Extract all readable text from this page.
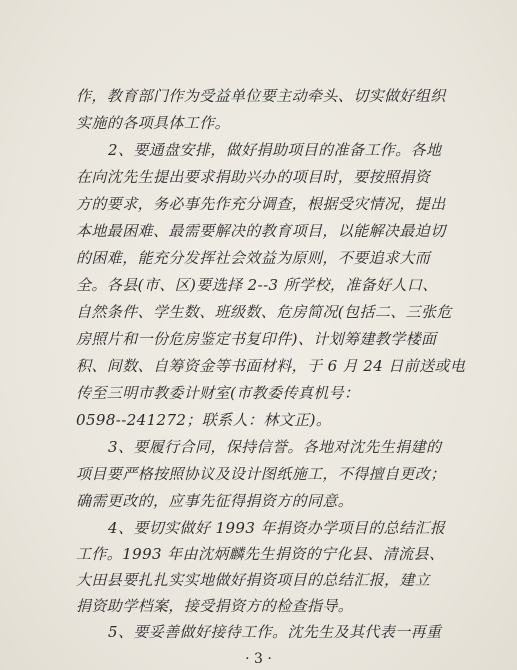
作，教育部门作为受益单位要主动牵头、切实做好组织
实施的各项具体工作。
2、要通盘安排，做好捐助项目的准备工作。各地
在向沈先生提出要求捐助兴办的项目时，要按照捐资
方的要求，务必事先作充分调查，根据受灾情况，提出
本地最困难、最需要解决的教育项目，以能解决最迫切
的困难，能充分发挥社会效益为原则，不要追求大而
全。各县(市、区)要选择 2--3 所学校，准备好人口、
自然条件、学生数、班级数、危房简况(包括二、三张危
房照片和一份危房鉴定书复印件)、计划筹建教学楼面
积、间数、自筹资金等书面材料，于 6 月 24 日前送或电
传至三明市教委计财室(市教委传真机号：
0598--241272；联系人：林文正)。
3、要履行合同，保持信誉。各地对沈先生捐建的
项目要严格按照协议及设计图纸施工，不得擅自更改；
确需更改的，应事先征得捐资方的同意。
4、要切实做好 1993 年捐资办学项目的总结汇报
工作。1993 年由沈炳麟先生捐资的宁化县、清流县、
大田县要扎扎实实地做好捐资项目的总结汇报，建立
捐资助学档案，接受捐资方的检查指导。
5、要妥善做好接待工作。沈先生及其代表一再重
· 3 ·
